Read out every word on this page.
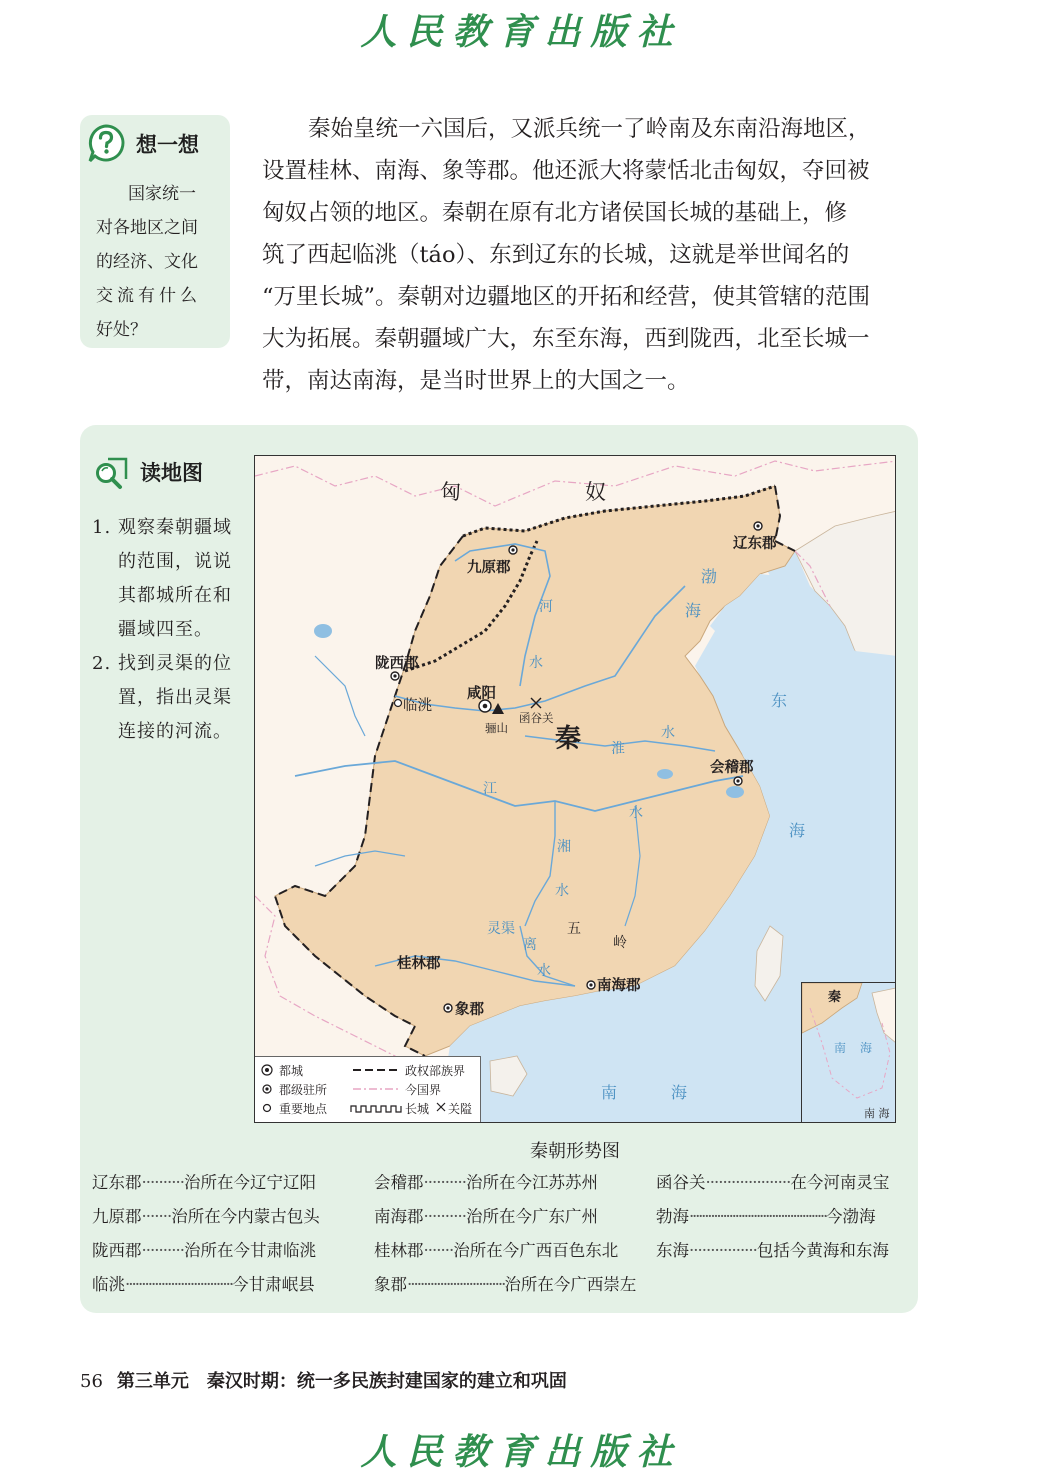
人民教育出版社
想一想
国家统一
对各地区之间
的经济、文化
交流有什么
好处？
秦始皇统一六国后，又派兵统一了岭南及东南沿海地区，
设置桂林、南海、象等郡。他还派大将蒙恬北击匈奴，夺回被
匈奴占领的地区。秦朝在原有北方诸侯国长城的基础上，修
筑了西起临洮（táo）、东到辽东的长城，这就是举世闻名的
“万里长城”。秦朝对边疆地区的开拓和经营，使其管辖的范围
大为拓展。秦朝疆域广大，东至东海，西到陇西，北至长城一
带，南达南海，是当时世界上的大国之一。
读地图
1. 观察秦朝疆域
的范围，说说
其都城所在和
疆域四至。
2. 找到灵渠的位
置，指出灵渠
连接的河流。
匈	奴
秦
九原郡
辽东郡
陇西郡
临洮
咸阳
骊山
函谷关
会稽郡
桂林郡
象郡
南海郡
五
岭
灵渠
渤
海
东
海
南	海
河
水
淮
水
江
水
湘
水
离
水
都城
郡级驻所
重要地点
政权部族界
今国界
长城 关隘
秦
南 海
南 海
秦朝形势图
辽东郡··········治所在今辽宁辽阳	会稽郡··········治所在今江苏苏州	函谷关····················在今河南灵宝
九原郡·······治所在今内蒙古包头	南海郡··········治所在今广东广州	勃海·············································今渤海
陇西郡··········治所在今甘肃临洮	桂林郡·······治所在今广西百色东北 东海················包括今黄海和东海
临洮·································今甘肃岷县	象郡······························治所在今广西崇左
56 第三单元　秦汉时期：统一多民族封建国家的建立和巩固
人民教育出版社
